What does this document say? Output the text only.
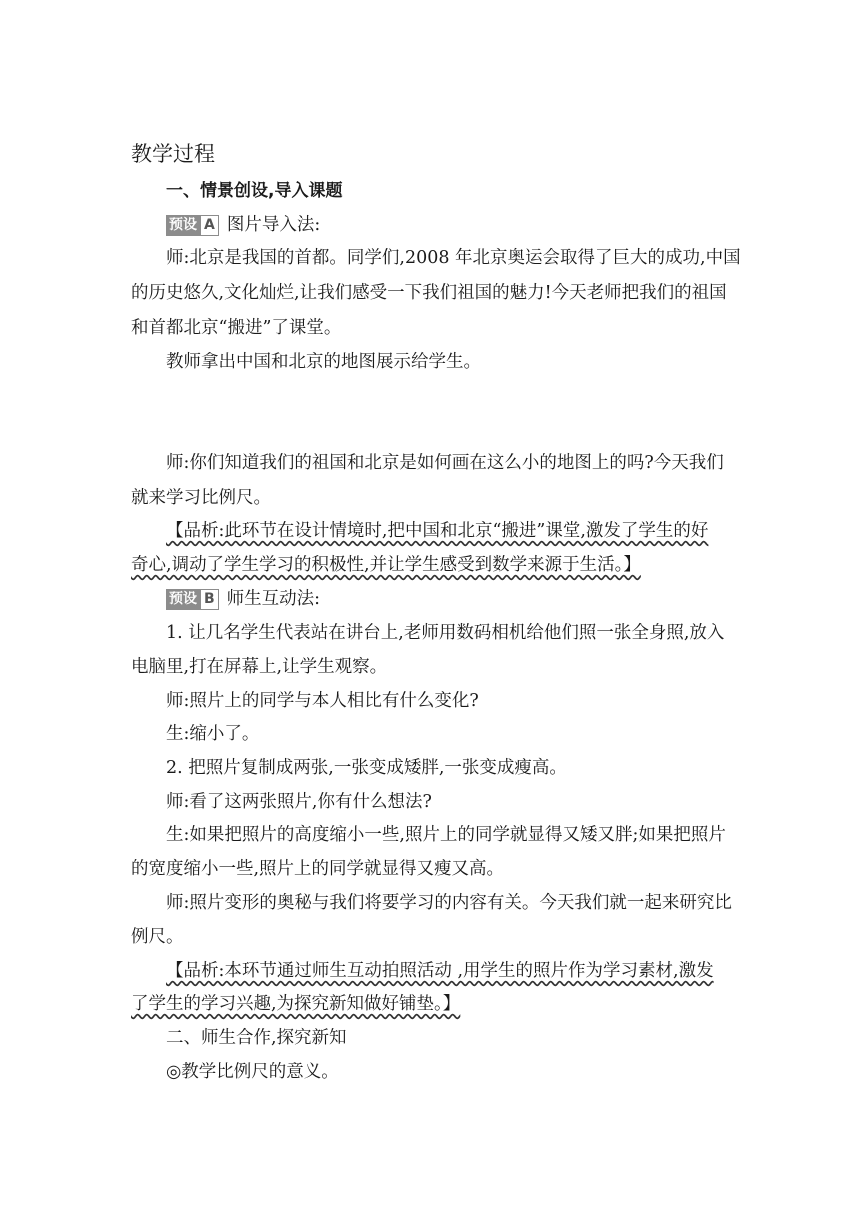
教学过程
一、情景创设,导入课题
预设 A 图片导入法:
师:北京是我国的首都。同学们,2008 年北京奥运会取得了巨大的成功,中国
的历史悠久,文化灿烂,让我们感受一下我们祖国的魅力!今天老师把我们的祖国
和首都北京“搬进”了课堂。
教师拿出中国和北京的地图展示给学生。
师:你们知道我们的祖国和北京是如何画在这么小的地图上的吗?今天我们
就来学习比例尺。
【品析:此环节在设计情境时,把中国和北京“搬进”课堂,激发了学生的好
奇心,调动了学生学习的积极性,并让学生感受到数学来源于生活。】
预设 B 师生互动法:
1. 让几名学生代表站在讲台上,老师用数码相机给他们照一张全身照,放入
电脑里,打在屏幕上,让学生观察。
师:照片上的同学与本人相比有什么变化?
生:缩小了。
2. 把照片复制成两张,一张变成矮胖,一张变成瘦高。
师:看了这两张照片,你有什么想法?
生:如果把照片的高度缩小一些,照片上的同学就显得又矮又胖;如果把照片
的宽度缩小一些,照片上的同学就显得又瘦又高。
师:照片变形的奥秘与我们将要学习的内容有关。今天我们就一起来研究比
例尺。
【品析:本环节通过师生互动拍照活动 ,用学生的照片作为学习素材,激发
了学生的学习兴趣,为探究新知做好铺垫。】
二、师生合作,探究新知
◎教学比例尺的意义。
